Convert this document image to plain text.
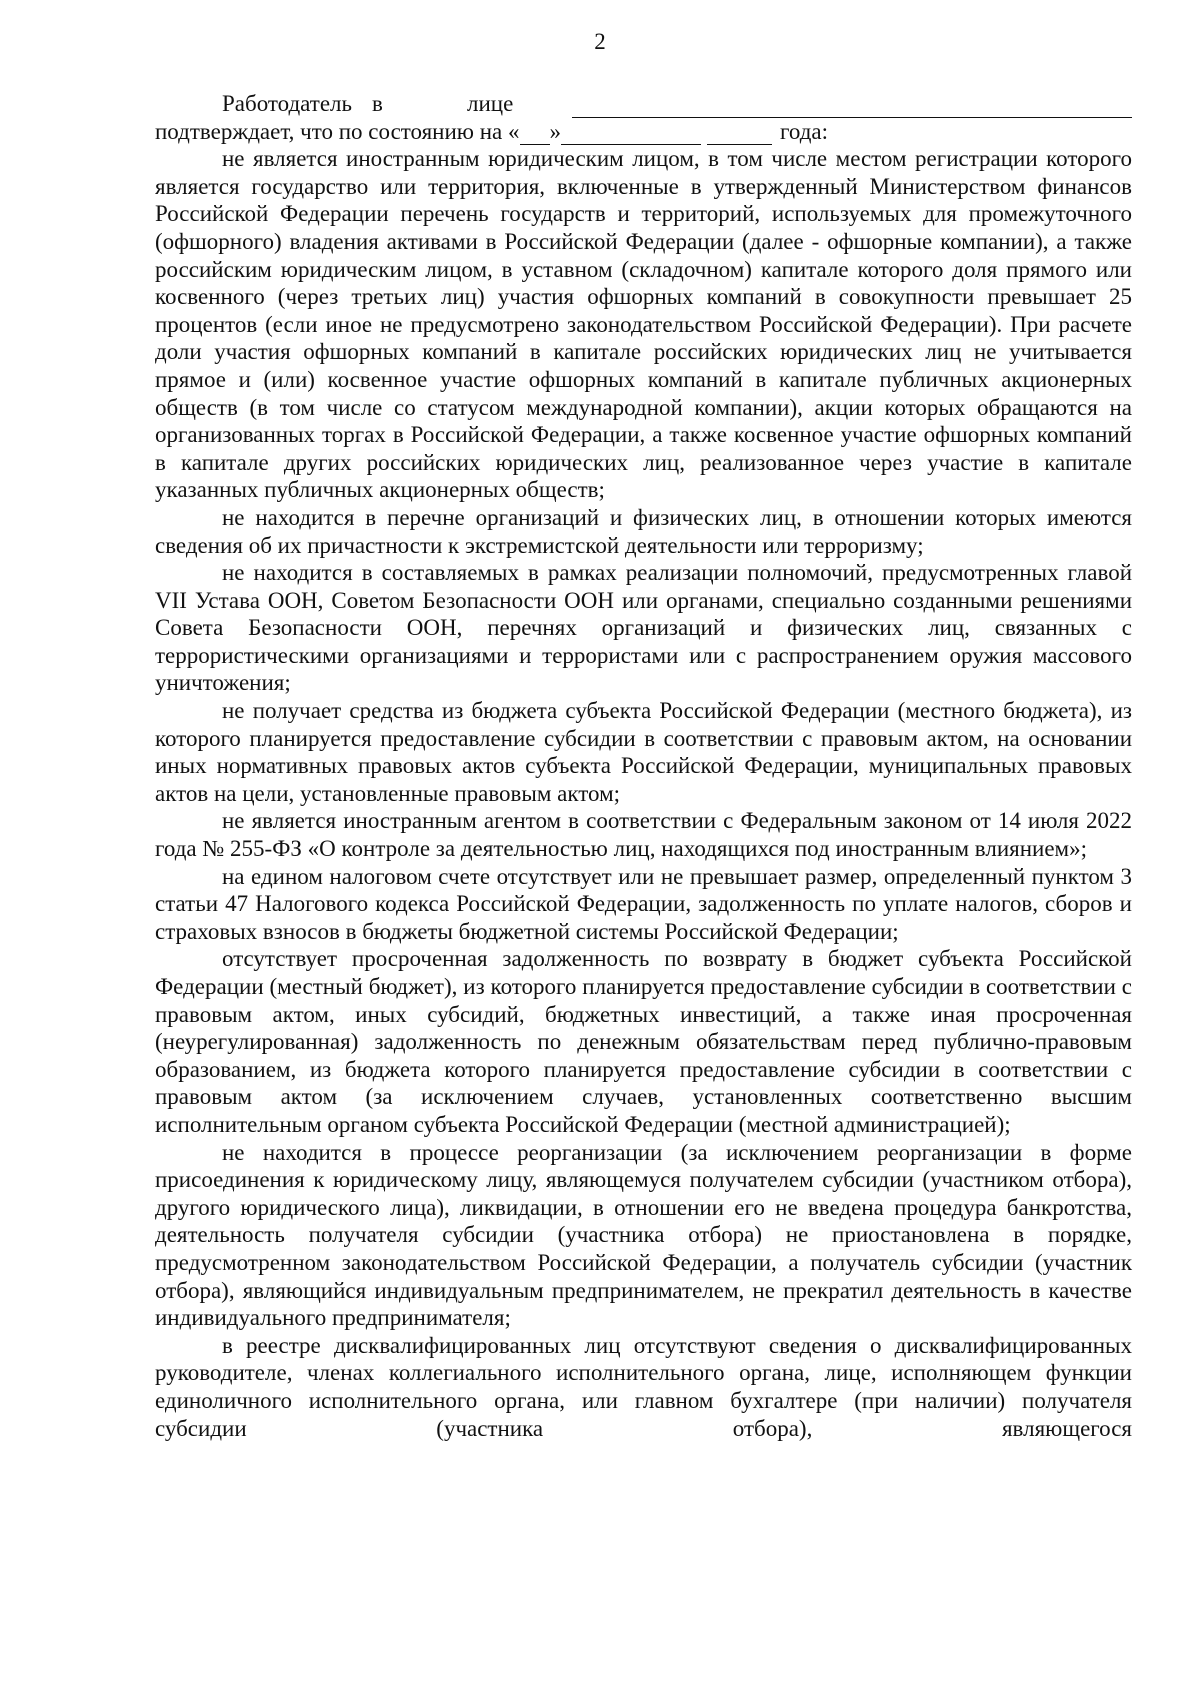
2
Работодатель в	лице
подтверждает, что по состоянию на « »	года:

не является иностранным юридическим лицом, в том числе местом регистрации которого является государство или территория, включенные в утвержденный Министерством финансов Российской Федерации перечень государств и территорий, используемых для промежуточного (офшорного) владения активами в Российской Федерации (далее - офшорные компании), а также российским юридическим лицом, в уставном (складочном) капитале которого доля прямого или косвенного (через третьих лиц) участия офшорных компаний в совокупности превышает 25 процентов (если иное не предусмотрено законодательством Российской Федерации). При расчете доли участия офшорных компаний в капитале российских юридических лиц не учитывается прямое и (или) косвенное участие офшорных компаний в капитале публичных акционерных обществ (в том числе со статусом международной компании), акции которых обращаются на организованных торгах в Российской Федерации, а также косвенное участие офшорных компаний в капитале других российских юридических лиц, реализованное через участие в капитале указанных публичных акционерных обществ;

не находится в перечне организаций и физических лиц, в отношении которых имеются сведения об их причастности к экстремистской деятельности или терроризму;

не находится в составляемых в рамках реализации полномочий, предусмотренных главой VII Устава ООН, Советом Безопасности ООН или органами, специально созданными решениями Совета Безопасности ООН, перечнях организаций и физических лиц, связанных с террористическими организациями и террористами или с распространением оружия массового уничтожения;

не получает средства из бюджета субъекта Российской Федерации (местного бюджета), из которого планируется предоставление субсидии в соответствии с правовым актом, на основании иных нормативных правовых актов субъекта Российской Федерации, муниципальных правовых актов на цели, установленные правовым актом;

не является иностранным агентом в соответствии с Федеральным законом от 14 июля 2022 года № 255-ФЗ «О контроле за деятельностью лиц, находящихся под иностранным влиянием»;

на едином налоговом счете отсутствует или не превышает размер, определенный пунктом 3 статьи 47 Налогового кодекса Российской Федерации, задолженность по уплате налогов, сборов и страховых взносов в бюджеты бюджетной системы Российской Федерации;

отсутствует просроченная задолженность по возврату в бюджет субъекта Российской Федерации (местный бюджет), из которого планируется предоставление субсидии в соответствии с правовым актом, иных субсидий, бюджетных инвестиций, а также иная просроченная (неурегулированная) задолженность по денежным обязательствам перед публично-правовым образованием, из бюджета которого планируется предоставление субсидии в соответствии с правовым актом (за исключением случаев, установленных соответственно высшим исполнительным органом субъекта Российской Федерации (местной администрацией);

не находится в процессе реорганизации (за исключением реорганизации в форме присоединения к юридическому лицу, являющемуся получателем субсидии (участником отбора), другого юридического лица), ликвидации, в отношении его не введена процедура банкротства, деятельность получателя субсидии (участника отбора) не приостановлена в порядке, предусмотренном законодательством Российской Федерации, а получатель субсидии (участник отбора), являющийся индивидуальным предпринимателем, не прекратил деятельность в качестве индивидуального предпринимателя;

в реестре дисквалифицированных лиц отсутствуют сведения о дисквалифицированных руководителе, членах коллегиального исполнительного органа, лице, исполняющем функции единоличного исполнительного органа, или главном бухгалтере (при наличии) получателя субсидии (участника отбора), являющегося
